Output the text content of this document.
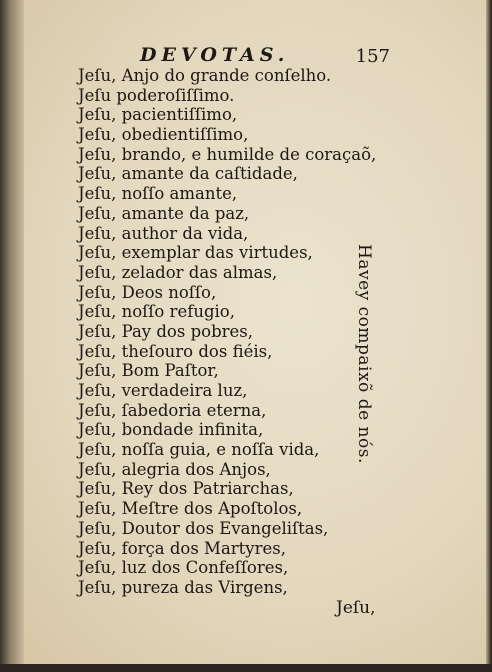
DEVOTAS.	157
Jeſu, Anjo do grande conſelho.
Jeſu poderoſiſſimo.
Jeſu, pacientiſſimo,
Jeſu, obedientiſſimo,
Jeſu, brando, e humilde de coraçaõ,
Jeſu, amante da caſtidade,
Jeſu, noſſo amante,
Jeſu, amante da paz,
Jeſu, author da vida,
Jeſu, exemplar das virtudes,
Jeſu, zelador das almas,
Jeſu, Deos noſſo,
Jeſu, noſſo refugio,
Jeſu, Pay dos pobres,
Jeſu, theſouro dos fiéis,
Jeſu, Bom Paſtor,
Jeſu, verdadeira luz,
Jeſu, ſabedoria eterna,
Jeſu, bondade infinita,
Jeſu, noſſa guia, e noſſa vida,
Jeſu, alegria dos Anjos,
Jeſu, Rey dos Patriarchas,
Jeſu, Meſtre dos Apoſtolos,
Jeſu, Doutor dos Evangeliſtas,
Jeſu, força dos Martyres,
Jeſu, luz dos Confeſſores,
Jeſu, pureza das Virgens,
Havey compaixõ de nós.
Jeſu,
